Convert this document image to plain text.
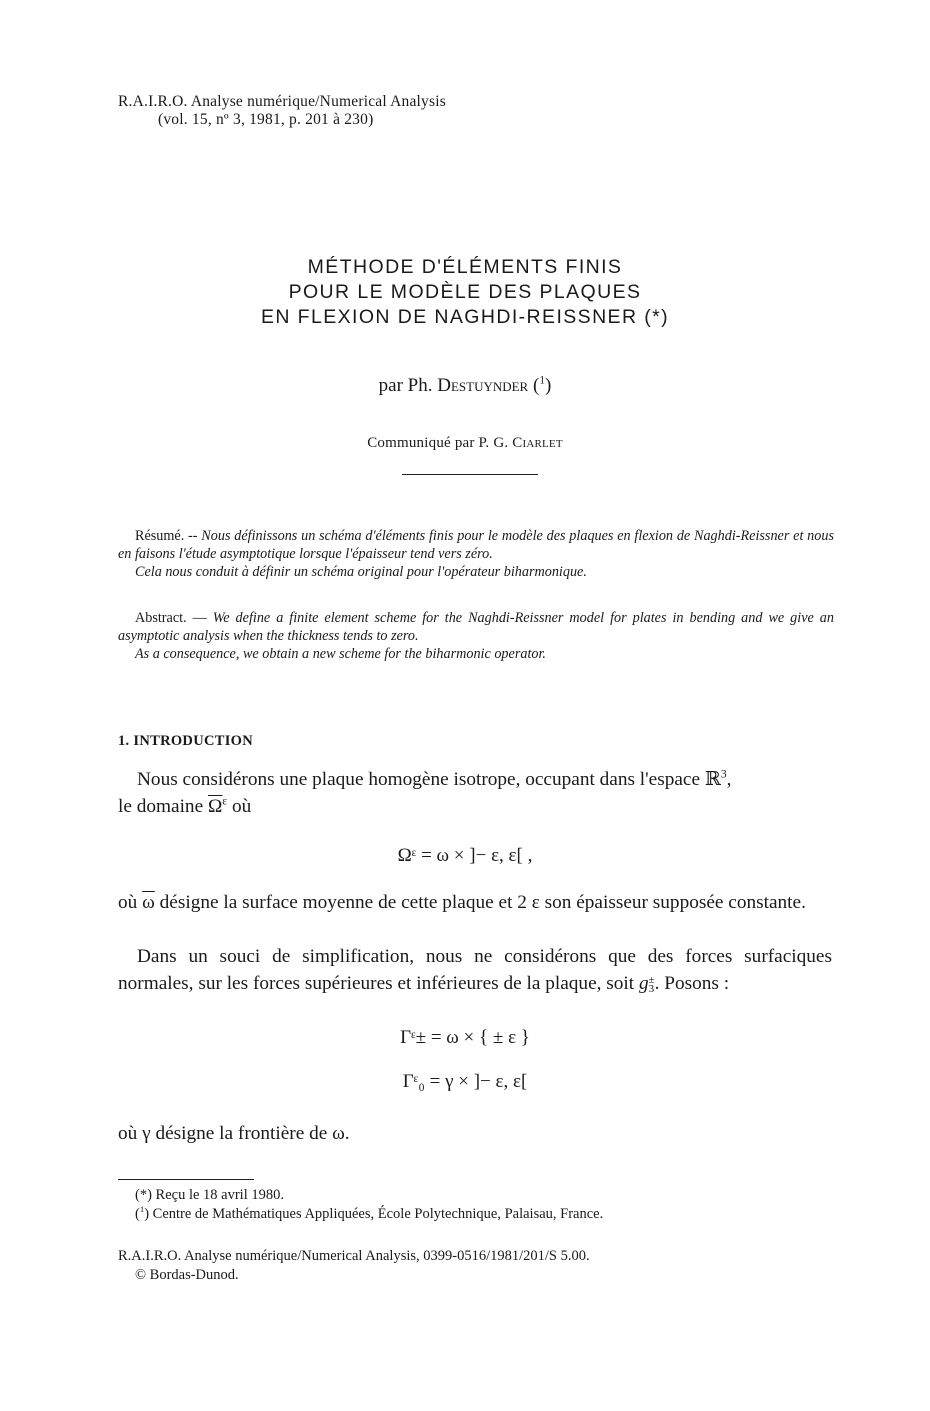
R.A.I.R.O. Analyse numérique/Numerical Analysis
(vol. 15, nº 3, 1981, p. 201 à 230)
MÉTHODE D'ÉLÉMENTS FINIS
POUR LE MODÈLE DES PLAQUES
EN FLEXION DE NAGHDI-REISSNER (*)
par Ph. Destuynder ($^1$)
Communiqué par P. G. Ciarlet
Résumé. -- Nous définissons un schéma d'éléments finis pour le modèle des plaques en flexion de Naghdi-Reissner et nous en faisons l'étude asymptotique lorsque l'épaisseur tend vers zéro.
Cela nous conduit à définir un schéma original pour l'opérateur biharmonique.
Abstract. — We define a finite element scheme for the Naghdi-Reissner model for plates in bending and we give an asymptotic analysis when the thickness tends to zero.
As a consequence, we obtain a new scheme for the biharmonic operator.
1. INTRODUCTION
Nous considérons une plaque homogène isotrope, occupant dans l'espace ℝ$^3$,
le domaine $\overline{\Omega}^\varepsilon$ où
Ωᵋ = ω × ]− ε, ε[ ,
où $\overline{\omega}$ désigne la surface moyenne de cette plaque et 2 ε son épaisseur supposée constante.
Dans un souci de simplification, nous ne considérons que des forces surfaciques normales, sur les forces supérieures et inférieures de la plaque, soit g ±
3 . Posons :
Γᵋ± = ω × { ± ε }
Γᵋ₀ = γ × ]− ε, ε[
où γ désigne la frontière de ω.
(*) Reçu le 18 avril 1980.
($^1$) Centre de Mathématiques Appliquées, École Polytechnique, Palaisau, France.
R.A.I.R.O. Analyse numérique/Numerical Analysis, 0399-0516/1981/201/S 5.00.
© Bordas-Dunod.
